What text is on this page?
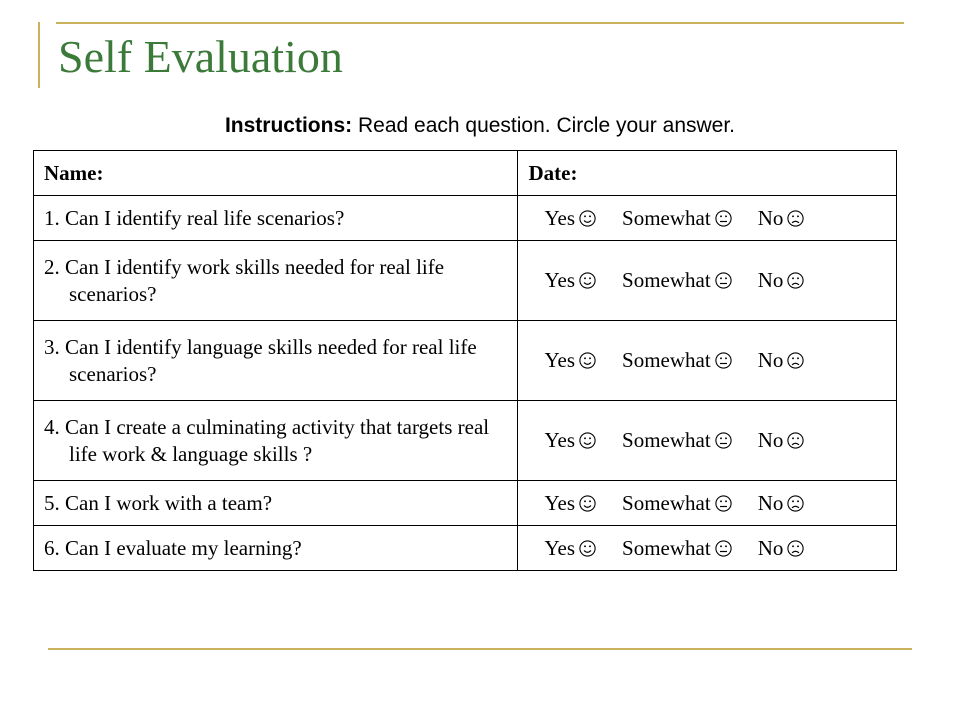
Self Evaluation
Instructions: Read each question. Circle your answer.
Name:	Date:

1. Can I identify real life scenarios?	Yes Somewhat No

2. Can I identify work skills needed for real life scenarios?	Yes Somewhat No

3. Can I identify language skills needed for real life scenarios?	Yes Somewhat No

4. Can I create a culminating activity that targets real life work & language skills ?	Yes Somewhat No

5. Can I work with a team?	Yes Somewhat No

6. Can I evaluate my learning?	Yes Somewhat No
